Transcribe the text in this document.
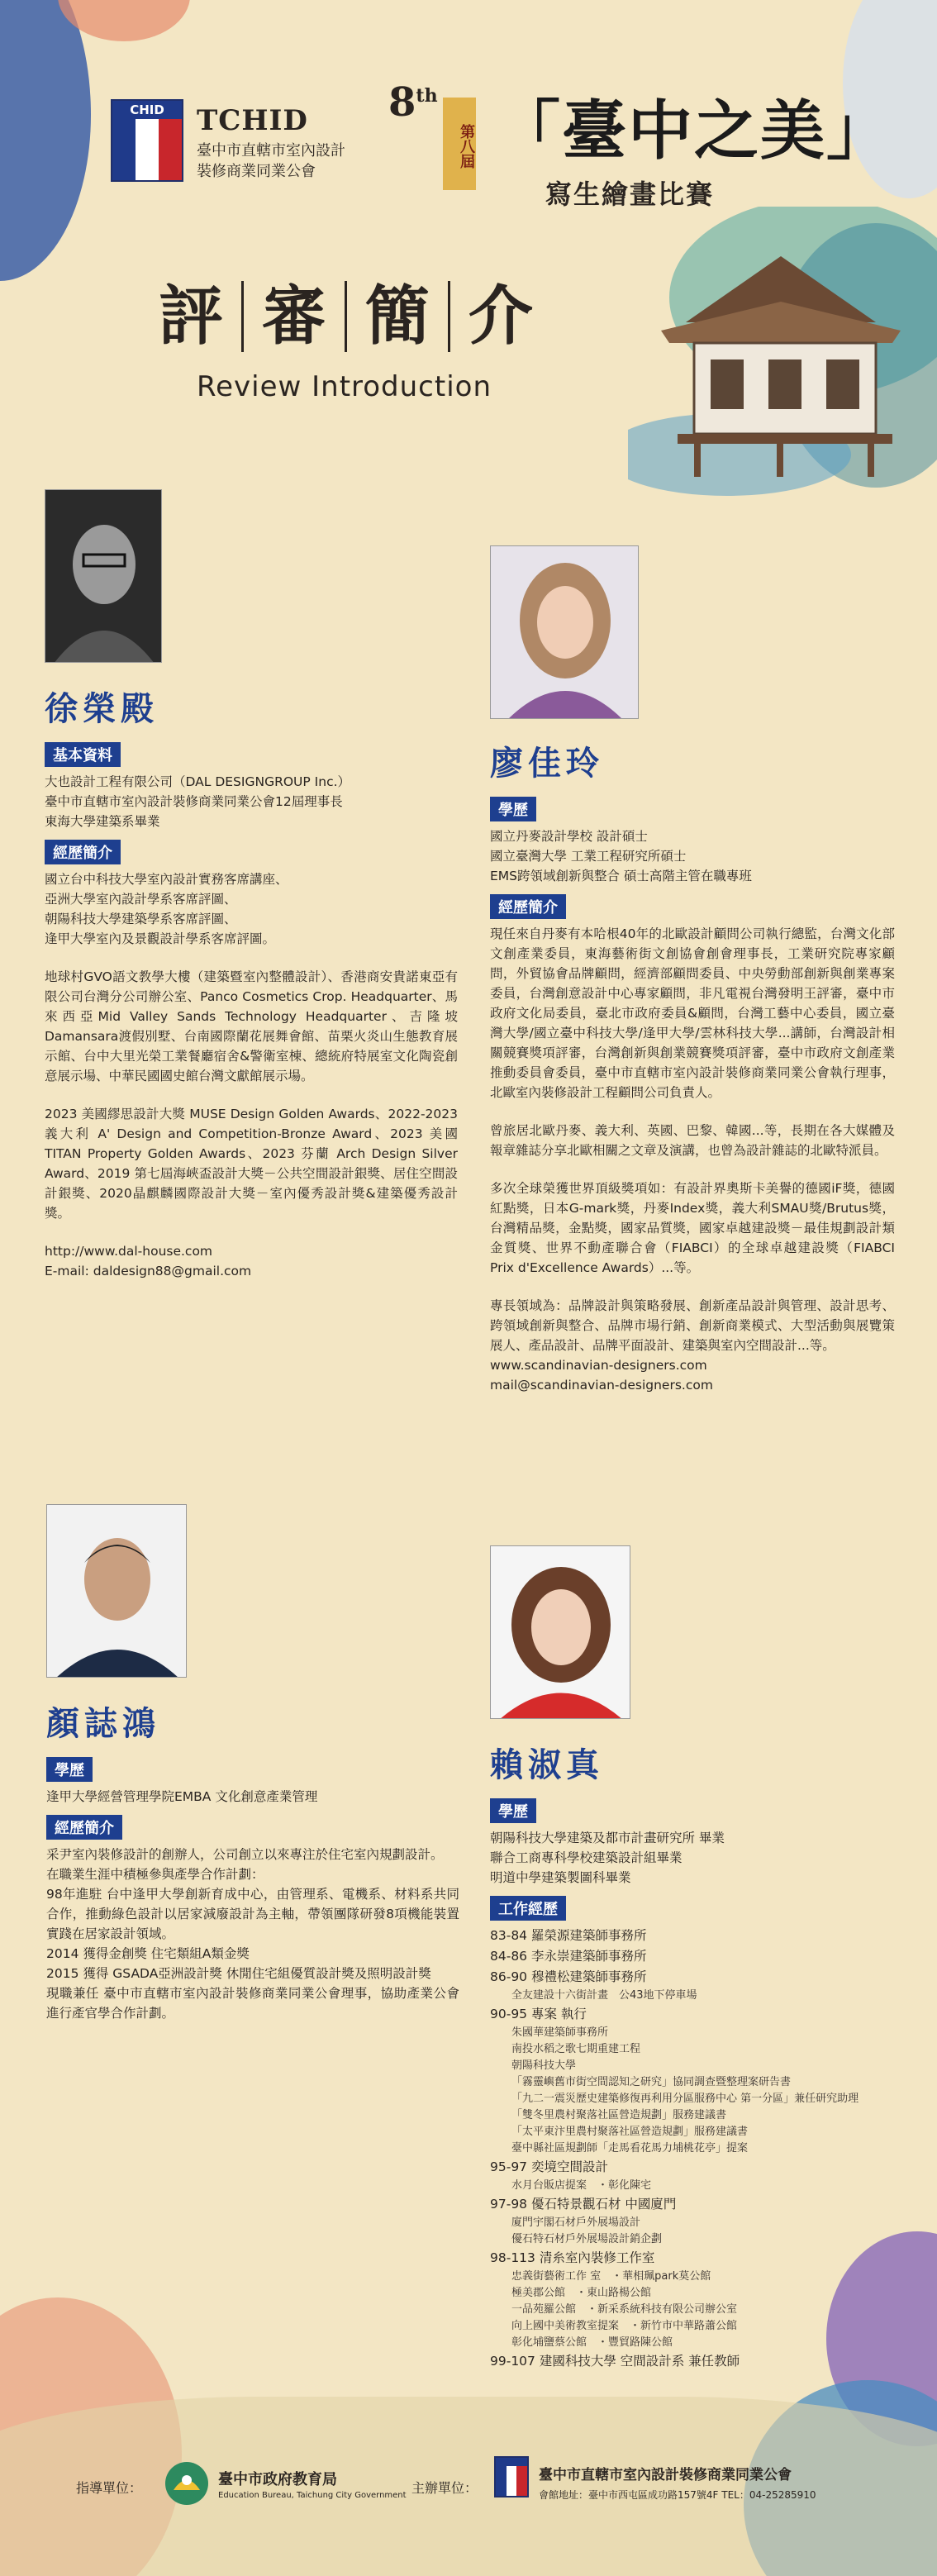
CHID	TCHID
臺中市直轄市室內設計
裝修商業同業公會
8th
第八屆 「臺中之美」
寫生繪畫比賽
評 審 簡 介
Review Introduction
徐榮殿
基本資料

大也設計工程有限公司（DAL DESIGNGROUP Inc.）

臺中市直轄市室內設計裝修商業同業公會12屆理事長

東海大學建築系畢業

經歷簡介

國立台中科技大學室內設計實務客席講座、

亞洲大學室內設計學系客席評圖、

朝陽科技大學建築學系客席評圖、

逢甲大學室內及景觀設計學系客席評圖。

地球村GVO語文教學大樓（建築暨室內整體設計）、香港商安貴諾東亞有限公司台灣分公司辦公室、Panco Cosmetics Crop. Headquarter、馬來西亞Mid Valley Sands Technology Headquarter、吉隆坡Damansara渡假別墅、台南國際蘭花展舞會館、苗栗火炎山生態教育展示館、台中大里光榮工業餐廳宿舍&警衛室棟、總統府特展室文化陶瓷創意展示場、中華民國國史館台灣文獻館展示場。

2023 美國繆思設計大獎 MUSE Design Golden Awards、2022-2023 義大利 A' Design and Competition-Bronze Award、2023 美國 TITAN Property Golden Awards、2023 芬蘭 Arch Design Silver Award、2019 第七屆海峽盃設計大獎－公共空間設計銀獎、居住空間設計銀獎、2020晶麒麟國際設計大獎－室內優秀設計獎&建築優秀設計獎。

http://www.dal-house.com

E-mail: daldesign88@gmail.com

廖佳玲
學歷

國立丹麥設計學校 設計碩士

國立臺灣大學 工業工程研究所碩士

EMS跨領域創新與整合 碩士高階主管在職專班

經歷簡介

現任來自丹麥有本哈根40年的北歐設計顧問公司執行總監，台灣文化部文創產業委員，東海藝術街文創協會創會理事長，工業研究院專家顧問，外貿協會品牌顧問，經濟部顧問委員、中央勞動部創新與創業專案委員，台灣創意設計中心專家顧問，非凡電視台灣發明王評審，臺中市政府文化局委員，臺北市政府委員&顧問，台灣工藝中心委員，國立臺灣大學/國立臺中科技大學/逢甲大學/雲林科技大學...講師，台灣設計相關競賽獎項評審，台灣創新與創業競賽獎項評審，臺中市政府文創產業推動委員會委員，臺中市直轄市室內設計裝修商業同業公會執行理事，北歐室內裝修設計工程顧問公司負責人。

曾旅居北歐丹麥、義大利、英國、巴黎、韓國...等，長期在各大媒體及報章雜誌分享北歐相關之文章及演講，也曾為設計雜誌的北歐特派員。

多次全球榮獲世界頂級獎項如：有設計界奧斯卡美譽的德國iF獎，德國紅點獎，日本G-mark獎，丹麥Index獎，義大利SMAU獎/Brutus獎，台灣精品獎，金點獎，國家品質獎，國家卓越建設獎－最佳規劃設計類金質獎、世界不動產聯合會（FIABCI）的全球卓越建設獎（FIABCI Prix d'Excellence Awards）...等。

專長領域為：品牌設計與策略發展、創新產品設計與管理、設計思考、跨領域創新與整合、品牌市場行銷、創新商業模式、大型活動與展覽策展人、產品設計、品牌平面設計、建築與室內空間設計...等。

www.scandinavian-designers.com

mail@scandinavian-designers.com

顏誌鴻
學歷

逢甲大學經營管理學院EMBA 文化創意產業管理

經歷簡介

采尹室內裝修設計的創辦人，公司創立以來專注於住宅室內規劃設計。

在職業生涯中積極參與產學合作計劃：

98年進駐 台中逢甲大學創新育成中心，由管理系、電機系、材料系共同合作，推動綠色設計以居家減廢設計為主軸，帶領團隊研發8項機能裝置實踐在居家設計領域。

2014 獲得金創獎 住宅類組A類金獎

2015 獲得 GSADA亞洲設計獎 休閒住宅組優質設計獎及照明設計獎

現職兼任 臺中市直轄市室內設計裝修商業同業公會理事，協助產業公會進行產官學合作計劃。

賴淑真
學歷

朝陽科技大學建築及都市計畫研究所 畢業

聯合工商專科學校建築設計組畢業

明道中學建築製圖科畢業

工作經歷
83-84 羅榮源建築師事務所
84-86 李永崇建築師事務所
86-90 穆禮松建築師事務所
全友建設十六街計畫　公43地下停車場
90-95 專案 執行
朱國華建築師事務所
南投水稻之歌七期重建工程
朝陽科技大學
「霧靈嶼舊市街空間認知之研究」協同調查暨整理案研告書
「九二一震災歷史建築修復再利用分區服務中心 第一分區」兼任研究助理
「雙冬里農村聚落社區營造規劃」服務建議書
「太平東汴里農村聚落社區營造規劃」服務建議書
臺中縣社區規劃師「走馬看花馬力埔桃花亭」提案
95-97 奕境空間設計
水月台販店提案　・彰化陳宅
97-98 優石特景觀石材 中國廈門
廈門宇閣石材戶外展場設計
優石特石材戶外展場設計銷企劃
98-113 清糸室內裝修工作室
忠義街藝術工作 室　・華相珮park莫公館
極美郡公館　・東山路楊公館
一品苑羅公館　・新采系統科技有限公司辦公室
向上國中美術教室提案　・新竹市中華路蕭公館
彰化埔鹽蔡公館　・豐貿路陳公館
99-107 建國科技大學 空間設計系 兼任教師
指導單位：	臺中市政府教育局
Education Bureau, Taichung City Government 主辦單位：
臺中市直轄市室內設計裝修商業同業公會
會館地址：臺中市西屯區成功路157號4F TEL：04-25285910
